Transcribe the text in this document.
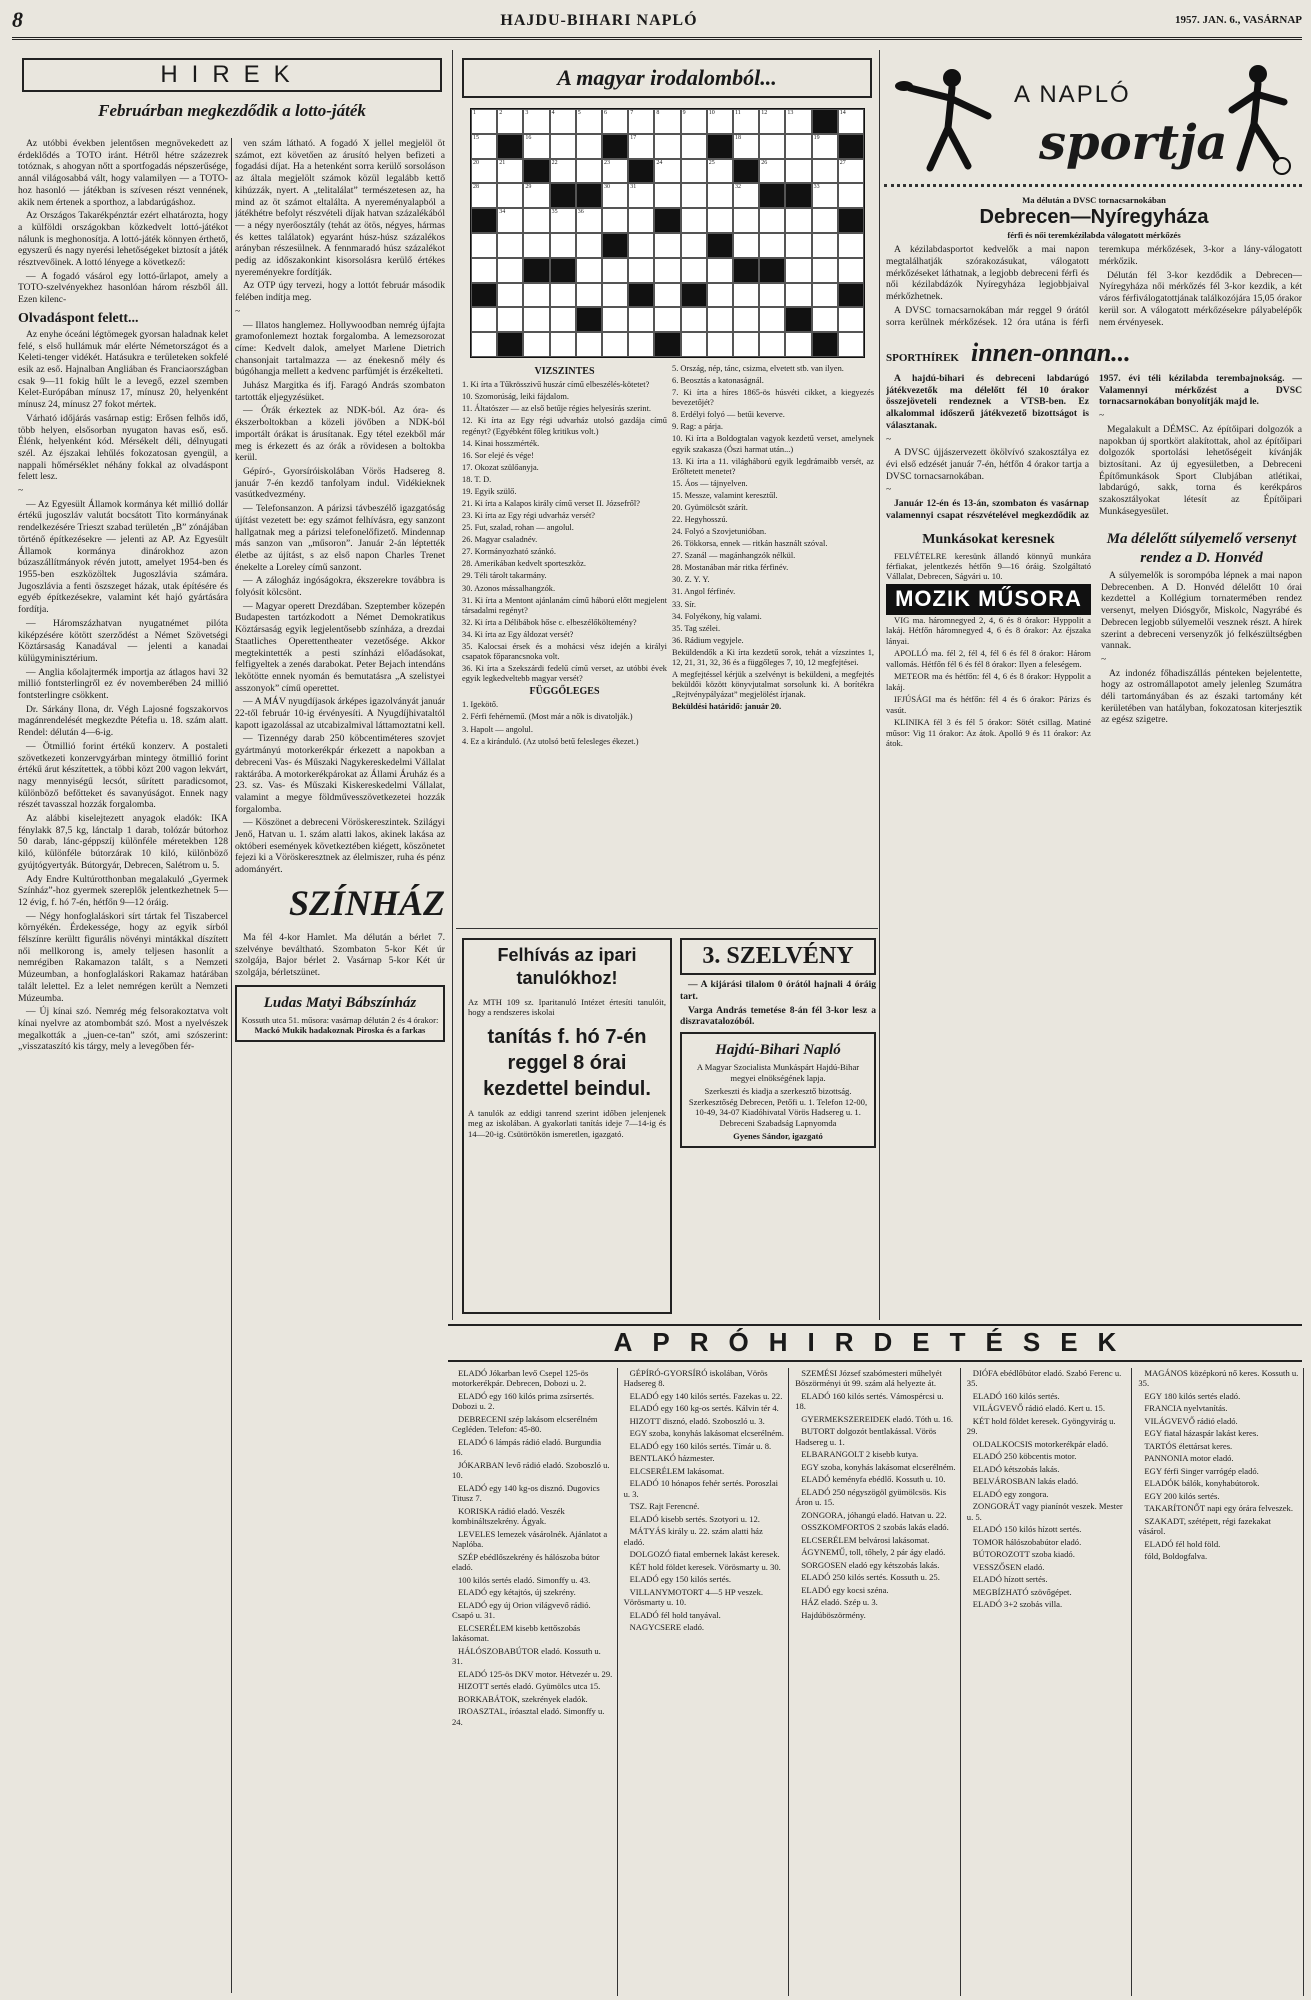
8	HAJDU-BIHARI NAPLÓ	1957. JAN. 6., VASÁRNAP
HIREK
Februárban megkezdődik a lotto-játék

Az utóbbi években jelentősen megnövekedett az érdeklődés a TOTO iránt. Hétről hétre százezrek totóznak, s ahogyan nőtt a sportfogadás népszerűsége, annál világosabbá vált, hogy valamilyen — a TOTO-hoz hasonló — játékban is szívesen részt vennének, akik nem értenek a sporthoz, a labdarúgáshoz.

Az Országos Takarékpénztár ezért elhatározta, hogy a külföldi országokban közkedvelt lottó-játékot nálunk is meghonosítja. A lottó-játék könnyen érthető, egyszerű és nagy nyerési lehetőségeket biztosít a játék résztvevőinek. A lottó lényege a következő:

— A fogadó vásárol egy lottó-űrlapot, amely a TOTO-szelvényekhez hasonlóan három részből áll. Ezen kilenc-

Olvadáspont felett...

Az enyhe óceáni légtömegek gyorsan haladnak kelet felé, s első hullámuk már elérte Németországot és a Keleti-tenger vidékét. Hatásukra e területeken sokfelé esik az eső. Hajnalban Angliában és Franciaországban csak 9—11 fokig hűlt le a levegő, ezzel szemben Kelet-Európában mínusz 17, mínusz 20, helyenként mínusz 24, mínusz 27 fokot mértek.

Várható időjárás vasárnap estig: Erősen felhős idő, több helyen, elsősorban nyugaton havas eső, eső. Élénk, helyenként kód. Mérsékelt déli, délnyugati szél. Az éjszakai lehűlés fokozatosan gyengül, a nappali hőmérséklet néhány fokkal az olvadáspont felett lesz.

~

— Az Egyesült Államok kormánya két millió dollár értékű jugoszláv valutát bocsátott Tito kormányának rendelkezésére Trieszt szabad területén „B” zónájában történő építkezésekre — jelenti az AP. Az Egyesült Államok kormánya dinárokhoz azon búzaszállítmányok révén jutott, amelyet 1954-ben és 1955-ben eszközöltek Jugoszlávia számára. Jugoszlávia a fenti öszszeget házak, utak építésére és egyéb építkezésekre, valamint két hajó gyártására fordítja.

— Háromszázhatvan nyugatnémet pilóta kiképzésére kötött szerződést a Német Szövetségi Köztársaság Kanadával — jelenti a kanadai külügyminisztérium.

— Anglia kőolajtermék importja az átlagos havi 32 millió fontsterlingről ez év novemberében 24 millió fontsterlingre csökkent.

Dr. Sárkány Ilona, dr. Végh Lajosné fogszakorvos magánrendelését megkezdte Pétefia u. 18. szám alatt. Rendel: délután 4—6-ig.

— Ötmillió forint értékű konzerv. A postaleti szövetkezeti konzervgyárban mintegy ötmillió forint értékű árut készítettek, a többi közt 200 vagon lekvárt, nagy mennyiségű lecsót, sűrített paradicsomot, különböző befőtteket és savanyúságot. Ennek nagy részét tavasszal hozzák forgalomba.

Az alábbi kiselejtezett anyagok eladók: IKA fénylakk 87,5 kg, lánctalp 1 darab, tolózár bútorhoz 50 darab, lánc-géppszíj különféle méretekben 128 kiló, különféle bútorzárak 10 kiló, különböző gyújtógyertyák. Bútorgyár, Debrecen, Salétrom u. 5.

Ady Endre Kultúrotthonban megalakuló „Gyermek Színház”-hoz gyermek szereplők jelentkezhetnek 5—12 évig, f. hó 7-én, hétfőn 9—12 óráig.

— Négy honfoglaláskori sírt tártak fel Tiszabercel környékén. Érdekessége, hogy az egyik sírból félszínre kerültt figurális növényi mintákkal díszített női mellkorong is, amely teljesen hasonlít a nemrégiben Rakamazon talált, s a Nemzeti Múzeumban, a honfoglaláskori Rakamaz határában talált lelettel. Ez a lelet nemrégen került a Nemzeti Múzeumba.

— Új kínai szó. Nemrég még felsorakoztatva volt kínai nyelvre az atombombát szó. Most a nyelvészek megalkották a „juen-ce-tan” szót, ami szószerint: „visszataszító kis tárgy, mely a levegőben fér-

ven szám látható. A fogadó X jellel megjelöl öt számot, ezt követően az árusító helyen befizeti a fogadási díjat. Ha a hetenként sorra kerülő sorsoláson az általa megjelölt számok közül legalább kettő kihúzzák, nyert. A „telitalálat” természetesen az, ha mind az öt számot eltalálta. A nyereményalapból a játékhétre befolyt részvételi díjak hatvan százalékából — a négy nyerőosztály (tehát az ötös, négyes, hármas és kettes találatok) egyaránt húsz-húsz százalékos arányban részesülnek. A fennmaradó húsz százalékot pedig az időszakonkint kisorsolásra kerülő értékes nyereményekre fordítják.

Az OTP úgy tervezi, hogy a lottót február második felében indítja meg.

~

— Illatos hanglemez. Hollywoodban nemrég újfajta gramofonlemezt hoztak forgalomba. A lemezsorozat címe: Kedvelt dalok, amelyet Marlene Dietrich chansonjait tartalmazza — az énekesnő mély és búgóhangja mellett a kedvenc parfümjét is érzékelteti.

Juhász Margitka és ifj. Faragó András szombaton tartották eljegyzésüket.

— Órák érkeztek az NDK-ból. Az óra- és ékszerboltokban a közeli jövőben a NDK-ból importált órákat is árusítanak. Egy tétel ezekből már meg is érkezett és az órák a rövidesen a boltokba kerül.

Gépíró-, Gyorsíróiskolában Vörös Hadsereg 8. január 7-én kezdő tanfolyam indul. Vidékieknek vasútkedvezmény.

— Telefonsanzon. A párizsi távbeszélő igazgatóság újítást vezetett be: egy számot felhívásra, egy sanzont hallgatnak meg a párizsi telefonelőfizető. Mindennap más sanzon van „műsoron”. Január 2-án léptették életbe az újítást, s az első napon Charles Trenet énekelte a Loreley című sanzont.

— A zálogház ingóságokra, ékszerekre továbbra is folyósít kölcsönt.

— Magyar operett Drezdában. Szeptember közepén Budapesten tartózkodott a Német Demokratikus Köztársaság egyik legjelentősebb színháza, a drezdai Staatliches Operettentheater vezetősége. Akkor megtekintették a pesti színházi előadásokat, felfigyeltek a zenés darabokat. Peter Bejach intendáns lekötötte ennek nyomán és bemutatásra „A szelistyei asszonyok” című operettet.

— A MÁV nyugdíjasok árképes igazolványát január 22-től február 10-ig érvényesíti. A Nyugdíjhivataltól kapott igazolással az utcabizalmival láttamoztatni kell.

— Tizennégy darab 250 köbcentiméteres szovjet gyártmányú motorkerékpár érkezett a napokban a debreceni Vas- és Műszaki Nagykereskedelmi Vállalat raktárába. A motorkerékpárokat az Állami Áruház és a 23. sz. Vas- és Műszaki Kiskereskedelmi Vállalat, valamint a megye földművesszövetkezetei hozzák forgalomba.

— Köszönet a debreceni Vöröskereszintek. Szilágyi Jenő, Hatvan u. 1. szám alatti lakos, akinek lakása az októberi események következtében kiégett, köszönetet fejezi ki a Vöröskeresztnek az élelmiszer, ruha és pénz adományért.

SZÍNHÁZ

Ma fél 4-kor Hamlet. Ma délután a bérlet 7. szelvénye beváltható. Szombaton 5-kor Két úr szolgája, Bajor bérlet 2. Vasárnap 5-kor Két úr szolgája, bérletszünet.

Ludas Matyi Bábszínház
Kossuth utca 51. műsora: vasárnap délután 2 és 4 órakor:
Mackó Mukik hadakoznak Piroska és a farkas
A magyar irodalomból...
1	2	3	4	5	6	7	8	9	10	11	12	13	14
15	16	17	18	19
20	21	22	23	24	25	26	27
28	29	30	31	32	33
34	35	36
VIZSZINTES

1. Ki írta a Tűkrösszivű huszár című elbeszélés-kötetet?

10. Szomorúság, leiki fájdalom.

11. Áltatószer — az első betűje régies helyesírás szerint.

12. Ki írta az Egy régi udvarház utolsó gazdája című regényt? (Egyébként főleg kritikus volt.)

14. Kinai hosszmérték.

16. Sor elejé és vége!

17. Okozat szülőanyja.

18. T. D.

19. Egyik szülő.

21. Ki írta a Kalapos király című verset II. Józsefről?

23. Ki írta az Egy régi udvarház versét?

25. Fut, szalad, rohan — angolul.

26. Magyar csaladnév.

27. Kormányozható szánkó.

28. Amerikában kedvelt sporteszköz.

29. Téli tárolt takarmány.

30. Azonos mássalhangzók.

31. Ki írta a Mentont ajánlanám című háború előtt megjelent társadalmi regényt?

32. Ki írta a Délibábok hőse c. elbeszélőköltemény?

34. Ki írta az Egy áldozat versét?

35. Kalocsai érsek és a mohácsi vész idején a királyi csapatok főparancsnoka volt.

36. Ki írta a Szekszárdi fedelű című verset, az utóbbi évek egyik legkedveltebb magyar versét?

FÜGGŐLEGES

1. Igekötő.

2. Férfi fehérnemű. (Most már a nők is divatolják.)

3. Hapolt — angolul.

4. Ez a kiránduló. (Az utolsó betű felesleges ékezet.)

5. Ország, nép, tánc, csizma, elvetett stb. van ilyen.

6. Beosztás a katonaságnál.

7. Ki írta a híres 1865-ös húsvéti cikket, a kiegyezés bevezetőjét?

8. Erdélyi folyó — betűi keverve.

9. Rag: a párja.

10. Ki írta a Boldogtalan vagyok kezdetű verset, amelynek egyik szakasza (Ószi harmat után...)

13. Ki írta a 11. világháború egyik legdrámaibb versét, az Erőltetett menetet?

15. Áos — tájnyelven.

15. Messze, valamint keresztűl.

20. Gyümölcsöt szárít.

22. Hegyhosszú.

24. Folyó a Szovjetunióban.

26. Tökkorsa, ennek — ritkán használt szóval.

27. Szanál — magánhangzók nélkül.

28. Mostanában már ritka férfinév.

30. Z. Y. Y.

31. Angol férfinév.

33. Sír.

34. Folyékony, híg valami.

35. Tag szélei.

36. Rádium vegyjele.

Beküldendők a Ki írta kezdetű sorok, tehát a vízszintes 1, 12, 21, 31, 32, 36 és a függőleges 7, 10, 12 megfejtései.

A megfejtéssel kérjük a szelvényt is beküldeni, a megfejtés beküldői között könyvjutalmat sorsolunk ki. A borítékra „Rejtvénypályázat” megjelölést írjanak.

Beküldési határidő: január 20.

Felhívás az ipari tanulókhoz!

Az MTH 109 sz. Iparitanuló Intézet értesíti tanulóit, hogy a rendszeres iskolai

tanítás f. hó 7-én reggel 8 órai kezdettel beindul.

A tanulók az eddigi tanrend szerint időben jelenjenek meg az iskolában. A gyakorlati tanítás ideje 7—14-ig és 14—20-ig. Csütörtökön ismeretlen, igazgató.

3. SZELVÉNY

— A kijárási tilalom 0 órától hajnali 4 óráig tart.

Varga András temetése 8-án fél 3-kor lesz a diszravatalozóból.

Hajdú-Bihari Napló
A Magyar Szocialista Munkáspárt Hajdú-Bihar megyei elnökségének lapja.
Szerkeszti és kiadja a szerkesztő bizottság. Szerkesztőség Debrecen, Petőfi u. 1. Telefon 12-00, 10-49, 34-07 Kiadóhivatal Vörös Hadsereg u. 1. Debreceni Szabadság Lapnyomda
Gyenes Sándor, igazgató
A NAPLÓ
sportja
Ma délután a DVSC tornacsarnokában
Debrecen—Nyíregyháza
férfi és női teremkézilabda válogatott mérkőzés

A kézilabdasportot kedvelők a mai napon megtalálhatják szórakozásukat, válogatott mérkőzéseket láthatnak, a legjobb debreceni férfi és női kézilabdázók Nyíregyháza legjobbjaival mérkőzhetnek.

A DVSC tornacsarnokában már reggel 9 órától sorra kerülnek mérkőzések. 12 óra utána is férfi teremkupa mérkőzések, 3-kor a lány-válogatott mérkőzik.

Délután fél 3-kor kezdődik a Debrecen—Nyíregyháza női mérkőzés fél 3-kor kezdik, a két város férfiválogatottjának találkozójára 15,05 órakor kerül sor. A válogatott mérkőzésekre pályabelépők nem érvényesek.

SPORTHÍREK innen-onnan...

A hajdú-bihari és debreceni labdarúgó játékvezetők ma délelőtt fél 10 órakor összejöveteli rendeznek a VTSB-ben. Ez alkalommal időszerű játékvezető bizottságot is választanak.

~

A DVSC újjászervezett ökölvívó szakosztálya ez évi első edzését január 7-én, hétfőn 4 órakor tartja a DVSC tornacsarnokában.

~

Január 12-én és 13-án, szombaton és vasárnap valamennyi csapat részvételével megkezdődik az 1957. évi téli kézilabda terembajnokság. — Valamennyi mérkőzést a DVSC tornacsarnokában bonyolítják majd le.

~

Megalakult a DÉMSC. Az építőipari dolgozók a napokban új sportkört alakítottak, ahol az építőipari dolgozók sportolási lehetőségeit kívánják biztosítani. Az új egyesületben, a Debreceni Építőmunkások Sport Clubjában atlétikai, labdarúgó, sakk, torna és kerékpáros szakosztályokat létesít az Építőipari Munkásegyesület.

Munkásokat keresnek

FELVÉTELRE keresünk állandó könnyű munkára férfiakat, jelentkezés hétfőn 9—16 óráig. Szolgáltató Vállalat, Debrecen, Ságvári u. 10.

MOZIK MŰSORA

VIG ma. háromnegyed 2, 4, 6 és 8 órakor: Hyppolit a lakáj. Hétfőn háromnegyed 4, 6 és 8 órakor: Az éjszaka lányai.

APOLLÓ ma. fél 2, fél 4, fél 6 és fél 8 órakor: Három vallomás. Hétfőn fél 6 és fél 8 órakor: Ilyen a feleségem.

METEOR ma és hétfőn: fél 4, 6 és 8 órakor: Hyppolit a lakáj.

IFJÚSÁGI ma és hétfőn: fél 4 és 6 órakor: Párizs és vasút.

KLINIKA fél 3 és fél 5 órakor: Sötét csillag. Matiné műsor: Vig 11 órakor: Az átok. Apolló 9 és 11 órakor: Az átok.

Ma délelőtt súlyemelő versenyt rendez a D. Honvéd

A súlyemelők is sorompóba lépnek a mai napon Debrecenben. A D. Honvéd délelőtt 10 órai kezdettel a Kollégium tornatermében rendez versenyt, melyen Diósgyőr, Miskolc, Nagyrábé és Debrecen legjobb súlyemelői vesznek részt. A hírek szerint a debreceni versenyzők jó felkészültségben vannak.

~

Az indonéz főhadiszállás pénteken bejelentette, hogy az ostromállapotot amely jelenleg Szumátra déli tartományában és az északi tartomány két kerületében van hatályban, fokozatosan kiterjesztik az egész szigetre.

APRÓHIRDETÉSEK

ELADÓ Jókarban levő Csepel 125-ös motorkerékpár. Debrecen, Dobozi u. 2.

ELADÓ egy 160 kilós prima zsírsertés. Dobozi u. 2.

DEBRECENI szép lakásom elcserélném Cegléden. Telefon: 45-80.

ELADÓ 6 lámpás rádió eladó. Burgundia 16.

JÓKARBAN levő rádió eladó. Szoboszló u. 10.

ELADÓ egy 140 kg-os disznó. Dugovics Titusz 7.

KORISKA rádió eladó. Veszék kombináltszekrény. Ágyak.

LEVELES lemezek vásárolnék. Ajánlatot a Naplóba.

SZÉP ebédlőszekrény és hálószoba bútor eladó.

100 kilós sertés eladó. Simonffy u. 43.

ELADÓ egy kétajtós, új szekrény.

ELADÓ egy új Orion világvevő rádió. Csapó u. 31.

ELCSERÉLEM kisebb kettőszobás lakásomat.

HÁLÓSZOBABÚTOR eladó. Kossuth u. 31.

ELADÓ 125-ös DKV motor. Hétvezér u. 29.

HIZOTT sertés eladó. Gyümölcs utca 15.

BORKABÁTOK, szekrények eladók.

IROASZTAL, íróasztal eladó. Simonffy u. 24.

GÉPÍRÓ-GYORSÍRÓ iskolában, Vörös Hadsereg 8.

ELADÓ egy 140 kilós sertés. Fazekas u. 22.

ELADÓ egy 160 kg-os sertés. Kálvin tér 4.

HIZOTT disznó, eladó. Szoboszló u. 3.

EGY szoba, konyhás lakásomat elcserélném.

ELADÓ egy 160 kilós sertés. Tímár u. 8.

BENTLAKÓ házmester.

ELCSERÉLEM lakásomat.

ELADÓ 10 hónapos fehér sertés. Poroszlai u. 3.

TSZ. Rajt Ferencné.

ELADÓ kisebb sertés. Szotyori u. 12.

MÁTYÁS király u. 22. szám alatti ház eladó.

DOLGOZÓ fiatal embernek lakást keresek.

KÉT hold földet keresek. Vörösmarty u. 30.

ELADÓ egy 150 kilós sertés.

VILLANYMOTORT 4—5 HP veszek. Vörösmarty u. 10.

ELADÓ fél hold tanyával.

NAGYCSERE eladó.

SZEMÉSI József szabómesteri műhelyét Böszörményi út 99. szám alá helyezte át.

ELADÓ 160 kilós sertés. Vámospércsi u. 18.

GYERMEKSZEREIDEK eladó. Tóth u. 16.

BUTORT dolgozót bentlakással. Vörös Hadsereg u. 1.

ELBARANGOLT 2 kisebb kutya.

EGY szoba, konyhás lakásomat elcserélném.

ELADÓ keményfa ebédlő. Kossuth u. 10.

ELADÓ 250 négyszögöl gyümölcsös. Kis Áron u. 15.

ZONGORA, jóhangú eladó. Hatvan u. 22.

OSSZKOMFORTOS 2 szobás lakás eladó.

ELCSERÉLEM belvárosi lakásomat.

ÁGYNEMŰ, toll, tőhely, 2 pár ágy eladó.

SORGOSEN eladó egy kétszobás lakás.

ELADÓ 250 kilós sertés. Kossuth u. 25.

ELADÓ egy kocsi széna.

HÁZ eladó. Szép u. 3.

Hajdúböszörmény.

DIÓFA ebédlőbútor eladó. Szabó Ferenc u. 35.

ELADÓ 160 kilós sertés.

VILÁGVEVŐ rádió eladó. Kert u. 15.

KÉT hold földet keresek. Gyöngyvirág u. 29.

OLDALKOCSIS motorkerékpár eladó.

ELADÓ 250 köbcentis motor.

ELADÓ kétszobás lakás.

BELVÁROSBAN lakás eladó.

ELADÓ egy zongora.

ZONGORÁT vagy pianínót veszek. Mester u. 5.

ELADÓ 150 kilós hízott sertés.

TOMOR hálószobabútor eladó.

BÚTOROZOTT szoba kiadó.

VESSZŐSEN eladó.

ELADÓ hízott sertés.

MEGBÍZHATÓ szövőgépet.

ELADÓ 3+2 szobás villa.

MAGÁNOS középkorú nő keres. Kossuth u. 35.

EGY 180 kilós sertés eladó.

FRANCIA nyelvtanítás.

VILÁGVEVŐ rádió eladó.

EGY fiatal házaspár lakást keres.

TARTÓS élettársat keres.

PANNONIA motor eladó.

EGY férfi Singer varrógép eladó.

ELADÓK bálók, konyhabútorok.

EGY 200 kilós sertés.

TAKARÍTONŐT napi egy órára felveszek.

SZAKADT, szétépett, régi fazekakat vásárol.

ELADÓ fél hold föld.

fóld, Boldogfalva.
